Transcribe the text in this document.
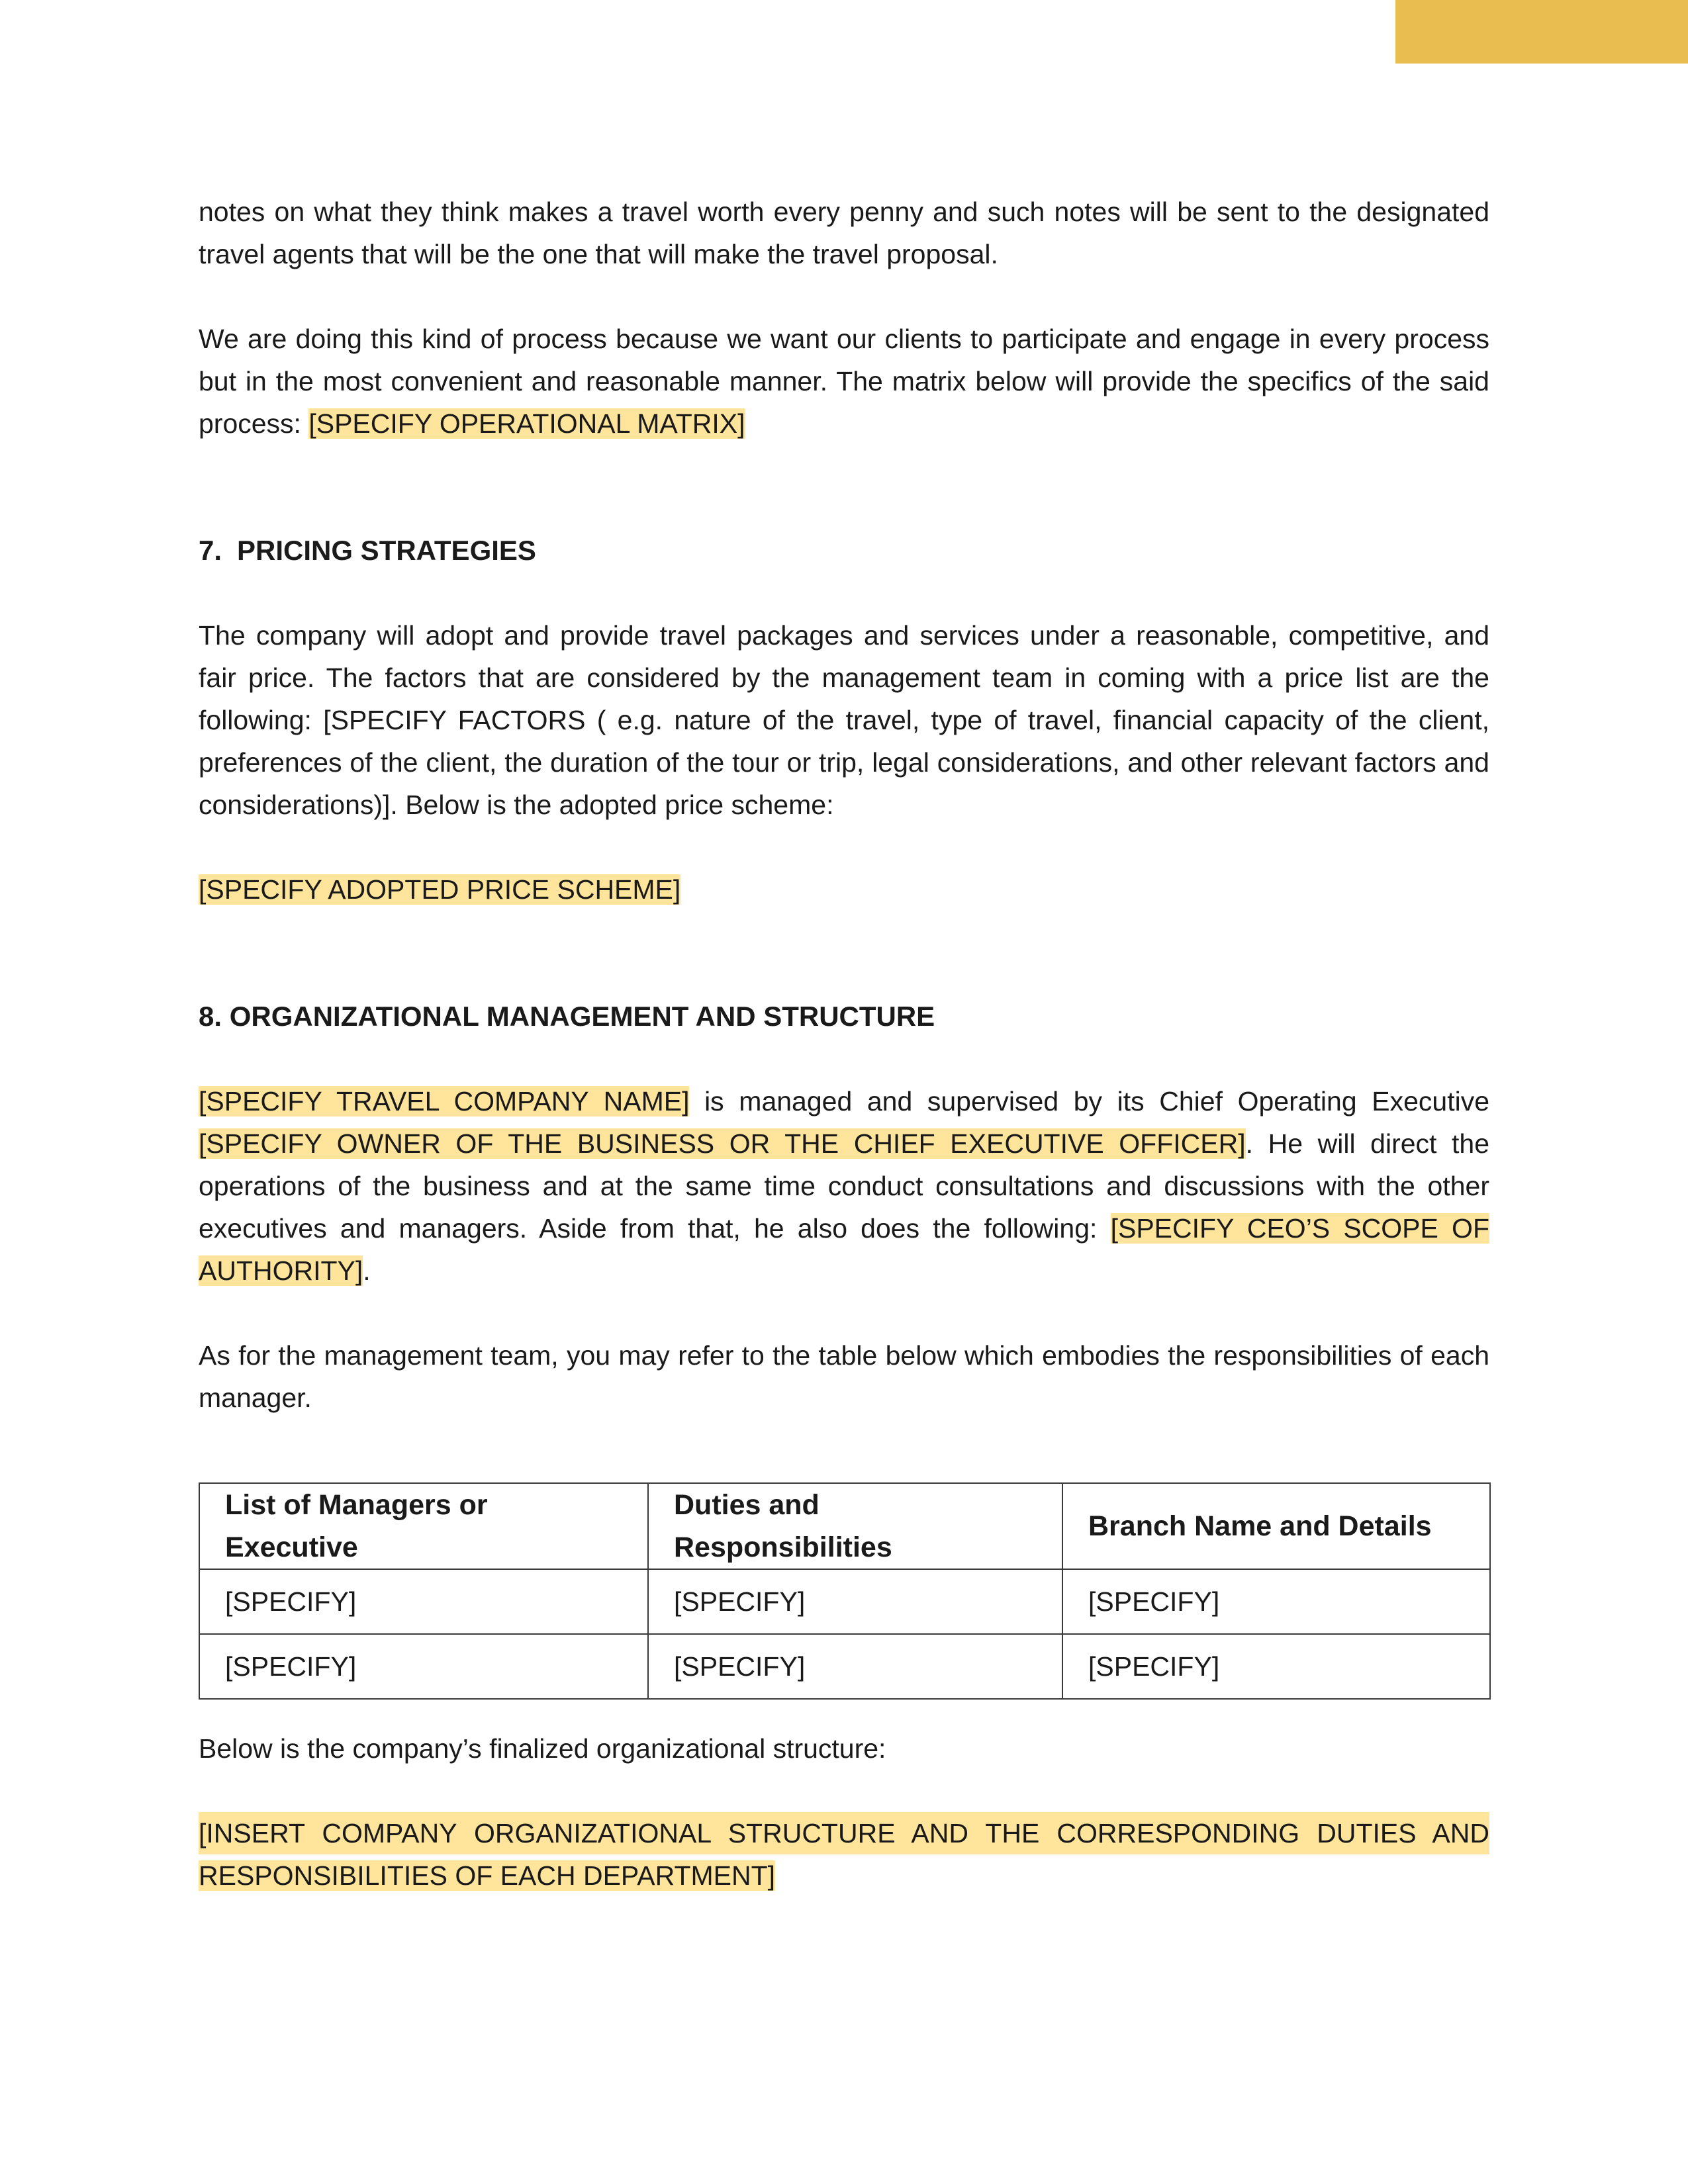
notes on what they think makes a travel worth every penny and such notes will be sent to the designated travel agents that will be the one that will make the travel proposal.

We are doing this kind of process because we want our clients to participate and engage in every process but in the most convenient and reasonable manner. The matrix below will provide the specifics of the said process: [SPECIFY OPERATIONAL MATRIX]

7. PRICING STRATEGIES

The company will adopt and provide travel packages and services under a reasonable, competitive, and fair price. The factors that are considered by the management team in coming with a price list are the following: [SPECIFY FACTORS ( e.g. nature of the travel, type of travel, financial capacity of the client, preferences of the client, the duration of the tour or trip, legal considerations, and other relevant factors and considerations)]. Below is the adopted price scheme:

[SPECIFY ADOPTED PRICE SCHEME]

8. ORGANIZATIONAL MANAGEMENT AND STRUCTURE

[SPECIFY TRAVEL COMPANY NAME] is managed and supervised by its Chief Operating Executive [SPECIFY OWNER OF THE BUSINESS OR THE CHIEF EXECUTIVE OFFICER]. He will direct the operations of the business and at the same time conduct consultations and discussions with the other executives and managers. Aside from that, he also does the following: [SPECIFY CEO’S SCOPE OF AUTHORITY].

As for the management team, you may refer to the table below which embodies the responsibilities of each manager.

List of Managers or Executive	Duties and Responsibilities	Branch Name and Details
[SPECIFY]	[SPECIFY]	[SPECIFY]
[SPECIFY]	[SPECIFY]	[SPECIFY]

Below is the company’s finalized organizational structure:

[INSERT COMPANY ORGANIZATIONAL STRUCTURE AND THE CORRESPONDING DUTIES AND

RESPONSIBILITIES OF EACH DEPARTMENT]
